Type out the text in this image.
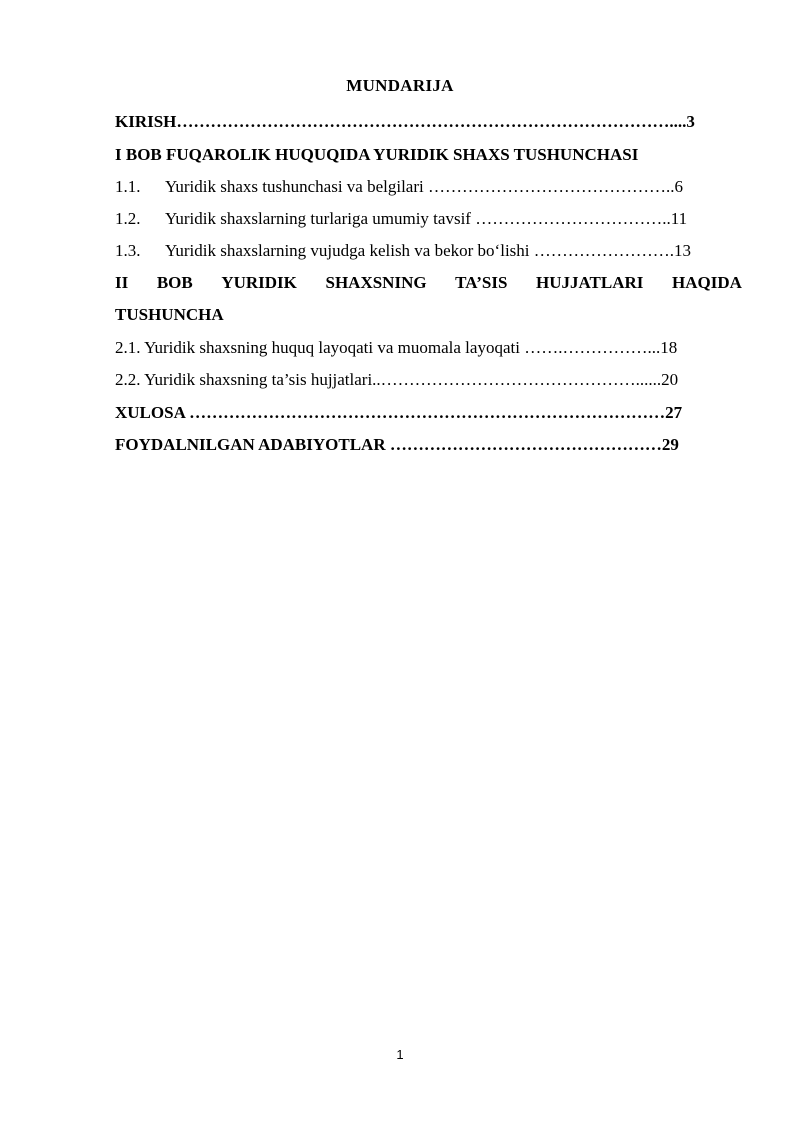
MUNDARIJA
KIRISH……………………………………………………………………………....3
I BOB FUQAROLIK HUQUQIDA YURIDIK SHAXS TUSHUNCHASI
1.1. Yuridik shaxs tushunchasi va belgilari ……………………………………..6
1.2. Yuridik shaxslarning turlariga umumiy tavsif ……………………………..11
1.3. Yuridik shaxslarning vujudga kelish va bekor bo‘lishi …………………….13
II BOB YURIDIK SHAXSNING TA’SIS HUJJATLARI HAQIDA
TUSHUNCHA
2.1. Yuridik shaxsning huquq layoqati va muomala layoqati …….……………...18
2.2. Yuridik shaxsning ta’sis hujjatlari..………………………………………......20
XULOSA …………………………………………………………………………27
FOYDALNILGAN ADABIYOTLAR …………………………………………29
1
